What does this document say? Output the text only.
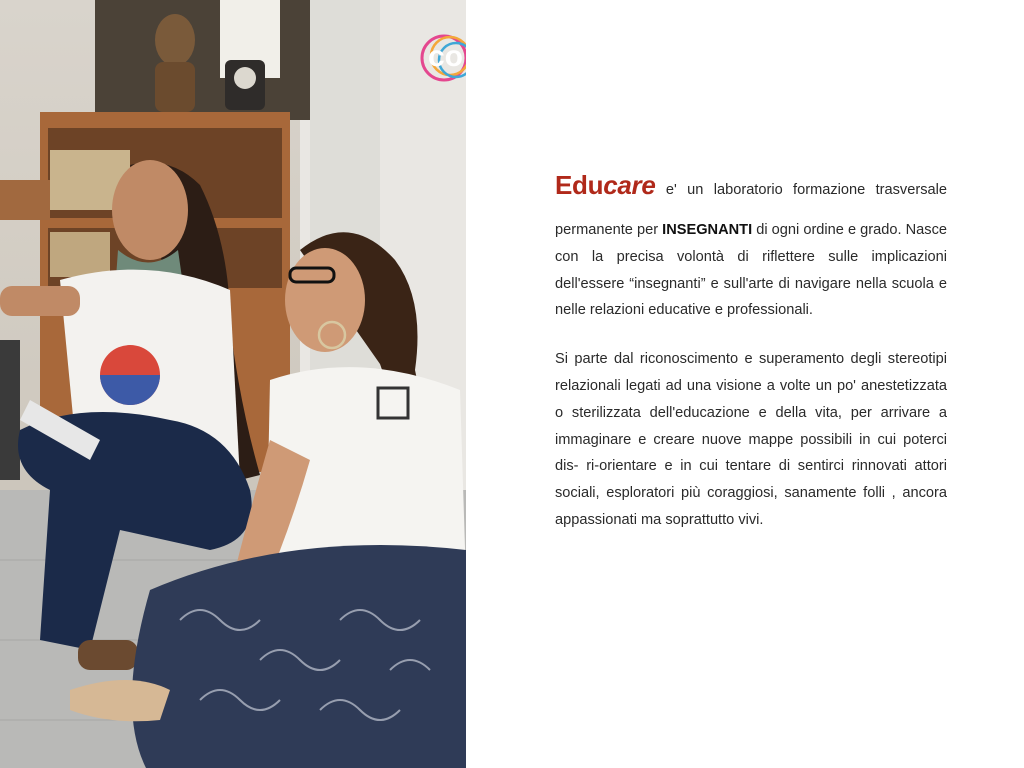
co

Educare e' un laboratorio formazione trasversale

permanente per INSEGNANTI di ogni ordine e grado. Nasce con la precisa volontà di riflettere sulle implicazioni dell'essere “insegnanti” e sull'arte di navigare nella scuola e nelle relazioni educative e professionali.

Si parte dal riconoscimento e superamento degli stereotipi relazionali legati ad una visione a volte un po' anestetizzata o sterilizzata dell'educazione e della vita, per arrivare a immaginare e creare nuove mappe possibili in cui poterci dis- ri-orientare e in cui tentare di sentirci rinnovati attori sociali, esploratori più coraggiosi, sanamente folli , ancora appassionati ma soprattutto vivi.
